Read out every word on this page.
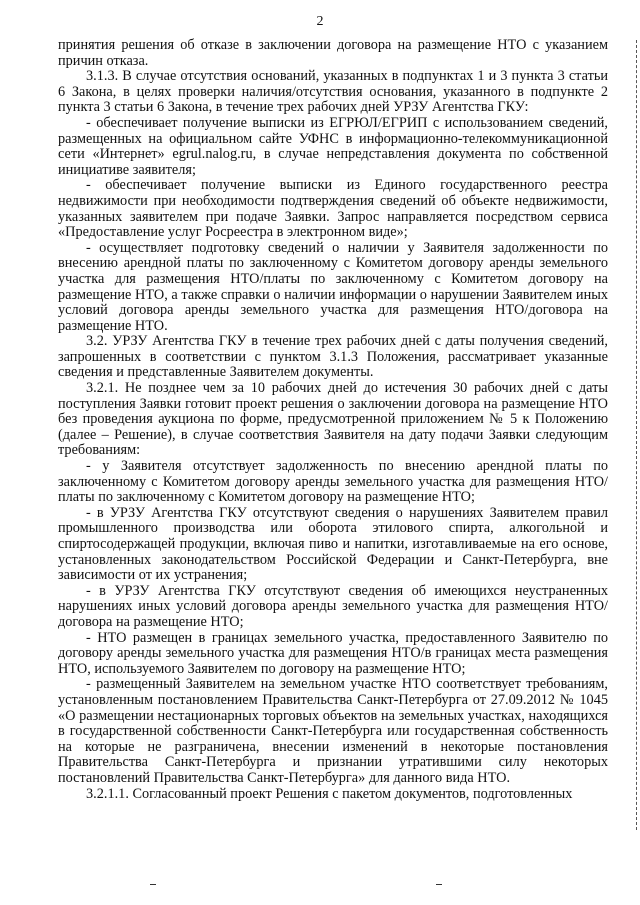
2

принятия решения об отказе в заключении договора на размещение НТО с указанием причин отказа.

3.1.3. В случае отсутствия оснований, указанных в подпунктах 1 и 3 пункта 3 статьи 6 Закона, в целях проверки наличия/отсутствия основания, указанного в подпункте 2 пункта 3 статьи 6 Закона, в течение трех рабочих дней УРЗУ Агентства ГКУ:

- обеспечивает получение выписки из ЕГРЮЛ/ЕГРИП с использованием сведений, размещенных на официальном сайте УФНС в информационно-телекоммуникационной сети «Интернет» egrul.nalog.ru, в случае непредставления документа по собственной инициативе заявителя;

- обеспечивает получение выписки из Единого государственного реестра недвижимости при необходимости подтверждения сведений об объекте недвижимости, указанных заявителем при подаче Заявки. Запрос направляется посредством сервиса «Предоставление услуг Росреестра в электронном виде»;

- осуществляет подготовку сведений о наличии у Заявителя задолженности по внесению арендной платы по заключенному с Комитетом договору аренды земельного участка для размещения НТО/платы по заключенному с Комитетом договору на размещение НТО, а также справки о наличии информации о нарушении Заявителем иных условий договора аренды земельного участка для размещения НТО/договора на размещение НТО.

3.2. УРЗУ Агентства ГКУ в течение трех рабочих дней с даты получения сведений, запрошенных в соответствии с пунктом 3.1.3 Положения, рассматривает указанные сведения и представленные Заявителем документы.

3.2.1. Не позднее чем за 10 рабочих дней до истечения 30 рабочих дней с даты поступления Заявки готовит проект решения о заключении договора на размещение НТО без проведения аукциона по форме, предусмотренной приложением № 5 к Положению (далее – Решение), в случае соответствия Заявителя на дату подачи Заявки следующим требованиям:

- у Заявителя отсутствует задолженность по внесению арендной платы по заключенному с Комитетом договору аренды земельного участка для размещения НТО/платы по заключенному с Комитетом договору на размещение НТО;

- в УРЗУ Агентства ГКУ отсутствуют сведения о нарушениях Заявителем правил промышленного производства или оборота этилового спирта, алкогольной и спиртосодержащей продукции, включая пиво и напитки, изготавливаемые на его основе, установленных законодательством Российской Федерации и Санкт-Петербурга, вне зависимости от их устранения;

- в УРЗУ Агентства ГКУ отсутствуют сведения об имеющихся неустраненных нарушениях иных условий договора аренды земельного участка для размещения НТО/договора на размещение НТО;

- НТО размещен в границах земельного участка, предоставленного Заявителю по договору аренды земельного участка для размещения НТО/в границах места размещения НТО, используемого Заявителем по договору на размещение НТО;

- размещенный Заявителем на земельном участке НТО соответствует требованиям, установленным постановлением Правительства Санкт-Петербурга от 27.09.2012 № 1045 «О размещении нестационарных торговых объектов на земельных участках, находящихся в государственной собственности Санкт-Петербурга или государственная собственность на которые не разграничена, внесении изменений в некоторые постановления Правительства Санкт-Петербурга и признании утратившими силу некоторых постановлений Правительства Санкт-Петербурга» для данного вида НТО.

3.2.1.1. Согласованный проект Решения с пакетом документов, подготовленных
